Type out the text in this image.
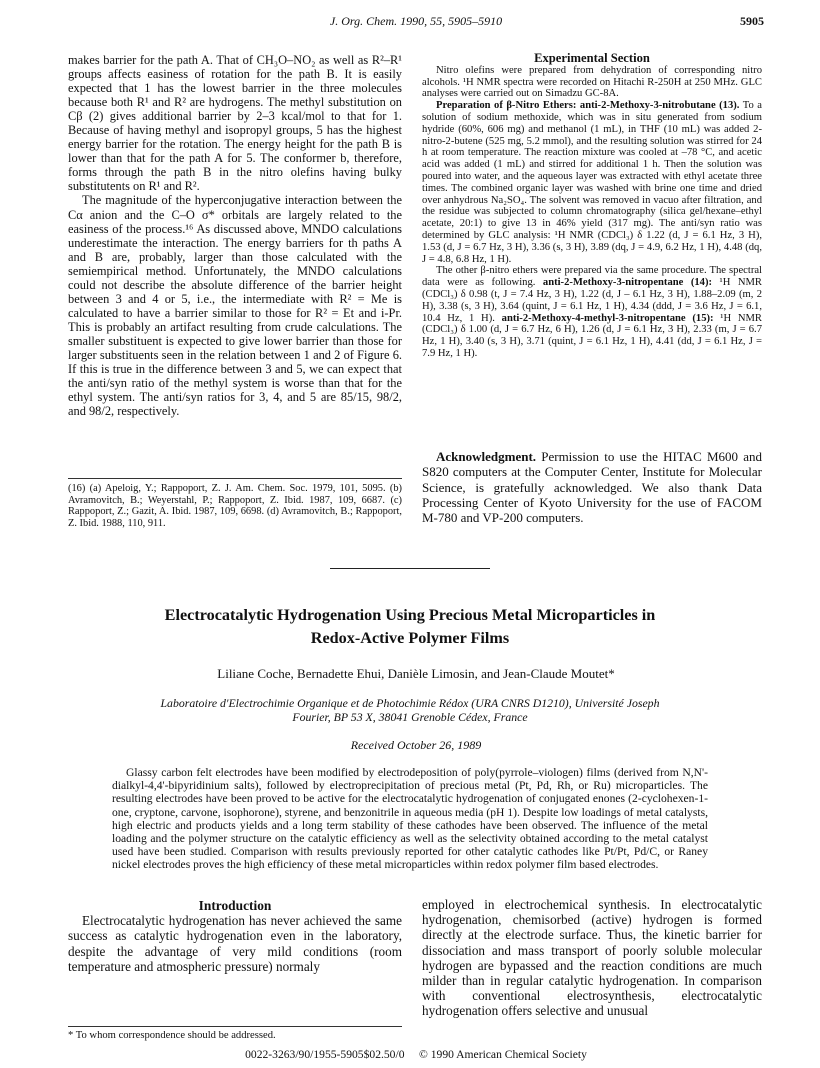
J. Org. Chem. 1990, 55, 5905–5910	5905

makes barrier for the path A. That of CH₃O–NO₂ as well as R²–R¹ groups affects easiness of rotation for the path B. It is easily expected that 1 has the lowest barrier in the three molecules because both R¹ and R² are hydrogens. The methyl substitution on Cβ (2) gives additional barrier by 2–3 kcal/mol to that for 1. Because of having methyl and isopropyl groups, 5 has the highest energy barrier for the rotation. The energy height for the path B is lower than that for the path A for 5. The conformer b, therefore, forms through the path B in the nitro olefins having bulky substitutents on R¹ and R².

The magnitude of the hyperconjugative interaction between the Cα anion and the C–O σ* orbitals are largely related to the easiness of the process.¹⁶ As discussed above, MNDO calculations underestimate the interaction. The energy barriers for th paths A and B are, probably, larger than those calculated with the semiempirical method. Unfortunately, the MNDO calculations could not describe the absolute difference of the barrier height between 3 and 4 or 5, i.e., the intermediate with R² = Me is calculated to have a barrier similar to those for R² = Et and i-Pr. This is probably an artifact resulting from crude calculations. The smaller substituent is expected to give lower barrier than those for larger substituents seen in the relation between 1 and 2 of Figure 6. If this is true in the difference between 3 and 5, we can expect that the anti/syn ratio of the methyl system is worse than that for the ethyl system. The anti/syn ratios for 3, 4, and 5 are 85/15, 98/2, and 98/2, respectively.

(16) (a) Apeloig, Y.; Rappoport, Z. J. Am. Chem. Soc. 1979, 101, 5095. (b) Avramovitch, B.; Weyerstahl, P.; Rappoport, Z. Ibid. 1987, 109, 6687. (c) Rappoport, Z.; Gazit, A. Ibid. 1987, 109, 6698. (d) Avramovitch, B.; Rappoport, Z. Ibid. 1988, 110, 911.

Experimental Section

Nitro olefins were prepared from dehydration of corresponding nitro alcohols. ¹H NMR spectra were recorded on Hitachi R-250H at 250 MHz. GLC analyses were carried out on Simadzu GC-8A.

Preparation of β-Nitro Ethers: anti-2-Methoxy-3-nitrobutane (13). To a solution of sodium methoxide, which was in situ generated from sodium hydride (60%, 606 mg) and methanol (1 mL), in THF (10 mL) was added 2-nitro-2-butene (525 mg, 5.2 mmol), and the resulting solution was stirred for 24 h at room temperature. The reaction mixture was cooled at –78 °C, and acetic acid was added (1 mL) and stirred for additional 1 h. Then the solution was poured into water, and the aqueous layer was extracted with ethyl acetate three times. The combined organic layer was washed with brine one time and dried over anhydrous Na₂SO₄. The solvent was removed in vacuo after filtration, and the residue was subjected to column chromatography (silica gel/hexane–ethyl acetate, 20:1) to give 13 in 46% yield (317 mg). The anti/syn ratio was determined by GLC analysis: ¹H NMR (CDCl₃) δ 1.22 (d, J = 6.1 Hz, 3 H), 1.53 (d, J = 6.7 Hz, 3 H), 3.36 (s, 3 H), 3.89 (dq, J = 4.9, 6.2 Hz, 1 H), 4.48 (dq, J = 4.8, 6.8 Hz, 1 H).

The other β-nitro ethers were prepared via the same procedure. The spectral data were as following. anti-2-Methoxy-3-nitropentane (14): ¹H NMR (CDCl₃) δ 0.98 (t, J = 7.4 Hz, 3 H), 1.22 (d, J – 6.1 Hz, 3 H), 1.88–2.09 (m, 2 H), 3.38 (s, 3 H), 3.64 (quint, J = 6.1 Hz, 1 H), 4.34 (ddd, J = 3.6 Hz, J = 6.1, 10.4 Hz, 1 H). anti-2-Methoxy-4-methyl-3-nitropentane (15): ¹H NMR (CDCl₃) δ 1.00 (d, J = 6.7 Hz, 6 H), 1.26 (d, J = 6.1 Hz, 3 H), 2.33 (m, J = 6.7 Hz, 1 H), 3.40 (s, 3 H), 3.71 (quint, J = 6.1 Hz, 1 H), 4.41 (dd, J = 6.1 Hz, J = 7.9 Hz, 1 H).

Acknowledgment. Permission to use the HITAC M600 and S820 computers at the Computer Center, Institute for Molecular Science, is gratefully acknowledged. We also thank Data Processing Center of Kyoto University for the use of FACOM M-780 and VP-200 computers.

Electrocatalytic Hydrogenation Using Precious Metal Microparticles in
Redox-Active Polymer Films
Liliane Coche, Bernadette Ehui, Danièle Limosin, and Jean-Claude Moutet*
Laboratoire d'Electrochimie Organique et de Photochimie Rédox (URA CNRS D1210), Université Joseph
Fourier, BP 53 X, 38041 Grenoble Cédex, France
Received October 26, 1989
Glassy carbon felt electrodes have been modified by electrodeposition of poly(pyrrole–viologen) films (derived from N,N'-dialkyl-4,4'-bipyridinium salts), followed by electroprecipitation of precious metal (Pt, Pd, Rh, or Ru) microparticles. The resulting electrodes have been proved to be active for the electrocatalytic hydrogenation of conjugated enones (2-cyclohexen-1-one, cryptone, carvone, isophorone), styrene, and benzonitrile in aqueous media (pH 1). Despite low loadings of metal catalysts, high electric and products yields and a long term stability of these cathodes have been observed. The influence of the metal loading and the polymer structure on the catalytic efficiency as well as the selectivity obtained according to the metal catalyst used have been studied. Comparison with results previously reported for other catalytic cathodes like Pt/Pt, Pd/C, or Raney nickel electrodes proves the high efficiency of these metal microparticles within redox polymer film based electrodes.

Introduction

Electrocatalytic hydrogenation has never achieved the same success as catalytic hydrogenation even in the laboratory, despite the advantage of very mild conditions (room temperature and atmospheric pressure) normaly

employed in electrochemical synthesis. In electrocatalytic hydrogenation, chemisorbed (active) hydrogen is formed directly at the electrode surface. Thus, the kinetic barrier for dissociation and mass transport of poorly soluble molecular hydrogen are bypassed and the reaction conditions are much milder than in regular catalytic hydrogenation. In comparison with conventional electrosynthesis, electrocatalytic hydrogenation offers selective and unusual

* To whom correspondence should be addressed.
0022-3263/90/1955-5905$02.50/0 © 1990 American Chemical Society
